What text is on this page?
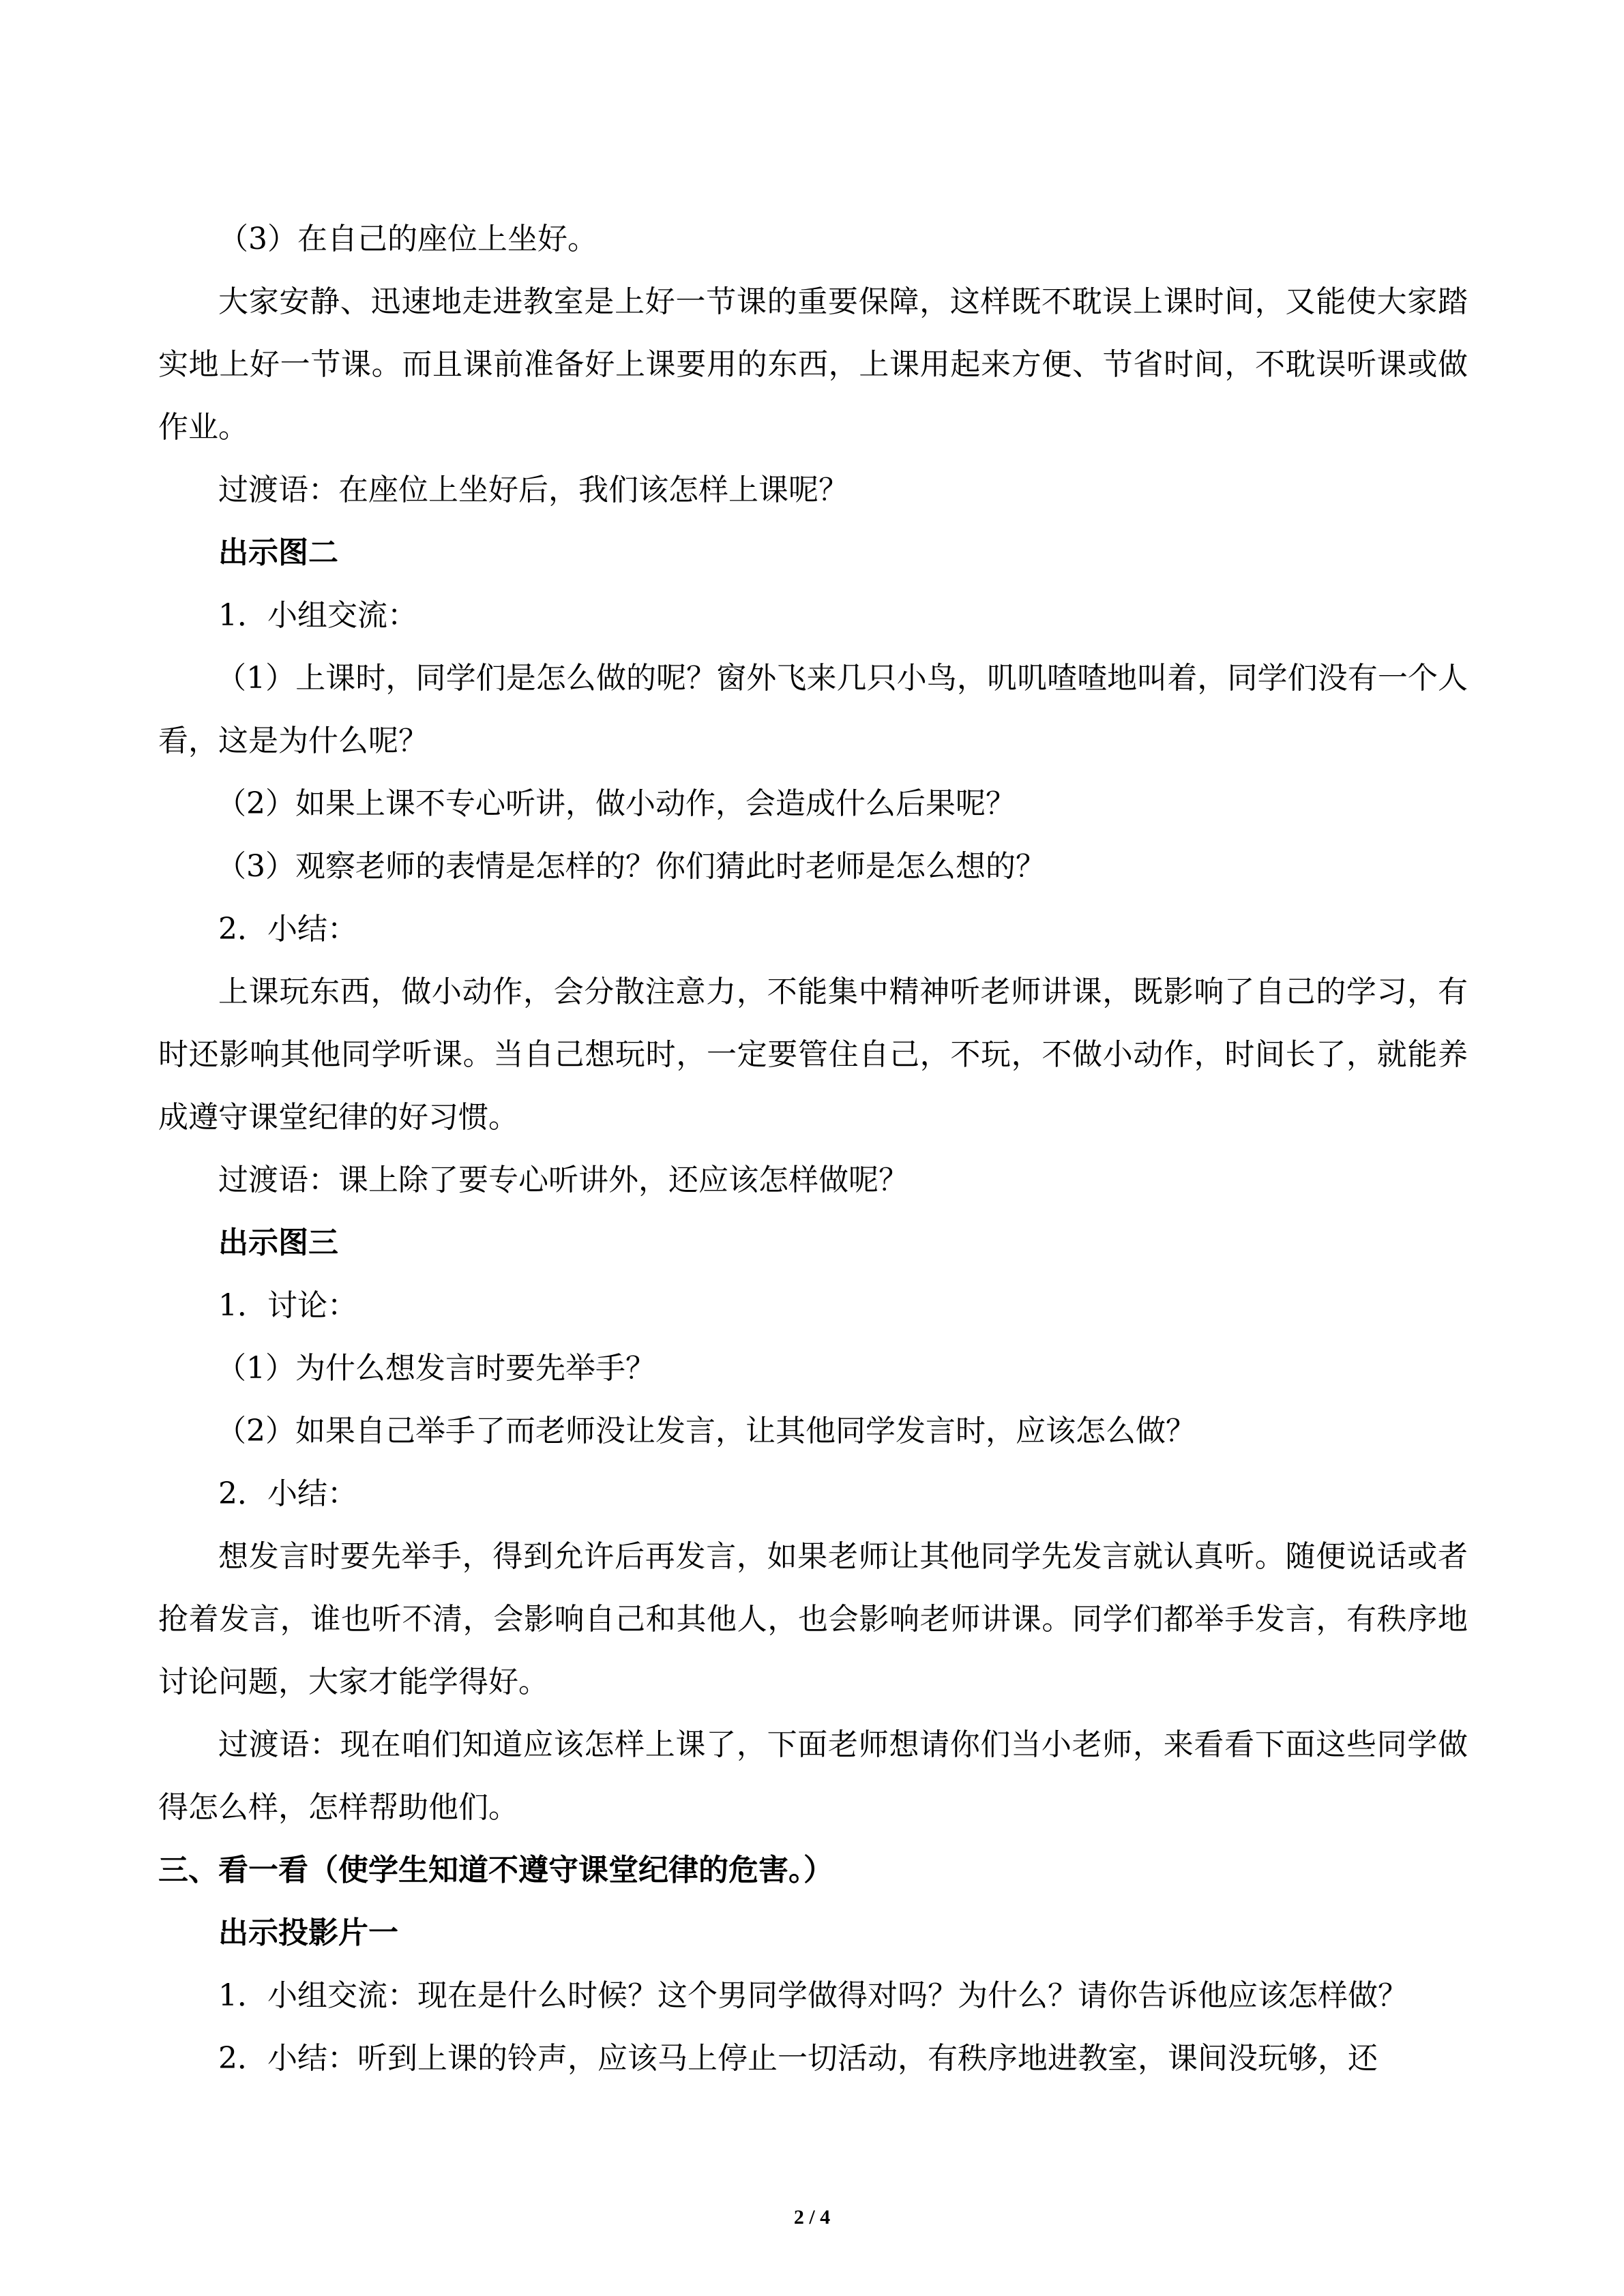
（3）在自己的座位上坐好。

大家安静、迅速地走进教室是上好一节课的重要保障，这样既不耽误上课时间，又能使大家踏实地上好一节课。而且课前准备好上课要用的东西，上课用起来方便、节省时间，不耽误听课或做作业。

过渡语：在座位上坐好后，我们该怎样上课呢？

出示图二

1．小组交流：

（1）上课时，同学们是怎么做的呢？窗外飞来几只小鸟，叽叽喳喳地叫着，同学们没有一个人看，这是为什么呢？

（2）如果上课不专心听讲，做小动作，会造成什么后果呢？

（3）观察老师的表情是怎样的？你们猜此时老师是怎么想的？

2．小结：

上课玩东西，做小动作，会分散注意力，不能集中精神听老师讲课，既影响了自己的学习，有时还影响其他同学听课。当自己想玩时，一定要管住自己，不玩，不做小动作，时间长了，就能养成遵守课堂纪律的好习惯。

过渡语：课上除了要专心听讲外，还应该怎样做呢？

出示图三

1．讨论：

（1）为什么想发言时要先举手？

（2）如果自己举手了而老师没让发言，让其他同学发言时，应该怎么做？

2．小结：

想发言时要先举手，得到允许后再发言，如果老师让其他同学先发言就认真听。随便说话或者抢着发言，谁也听不清，会影响自己和其他人，也会影响老师讲课。同学们都举手发言，有秩序地讨论问题，大家才能学得好。

过渡语：现在咱们知道应该怎样上课了，下面老师想请你们当小老师，来看看下面这些同学做得怎么样，怎样帮助他们。

三、看一看（使学生知道不遵守课堂纪律的危害。）

出示投影片一

1．小组交流：现在是什么时候？这个男同学做得对吗？为什么？请你告诉他应该怎样做？

2．小结：听到上课的铃声，应该马上停止一切活动，有秩序地进教室，课间没玩够，还

2 / 4
